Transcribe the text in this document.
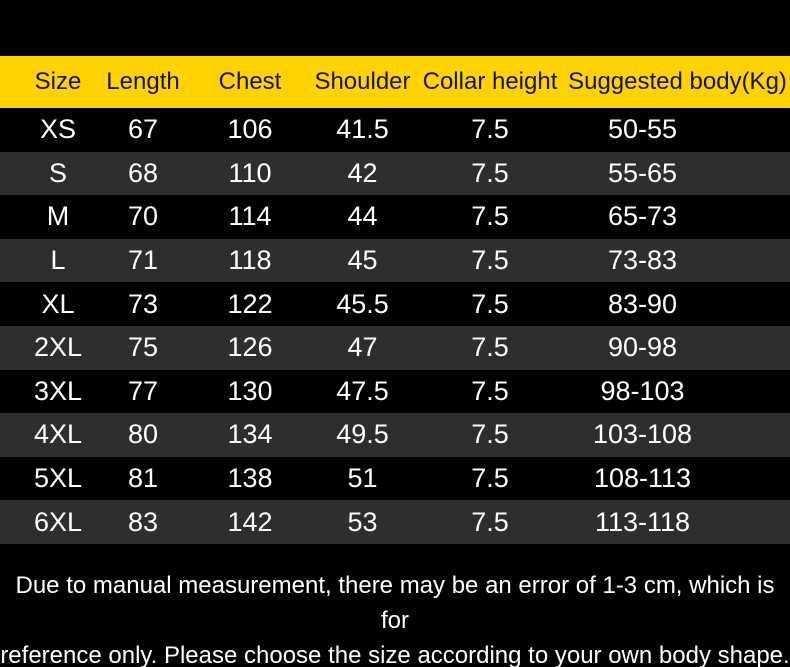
Size	Length	Chest	Shoulder	Collar height	Suggested body(Kg)
XS	67	106	41.5	7.5	50-55
S	68	110	42	7.5	55-65
M	70	114	44	7.5	65-73
L	71	118	45	7.5	73-83
XL	73	122	45.5	7.5	83-90
2XL	75	126	47	7.5	90-98
3XL	77	130	47.5	7.5	98-103
4XL	80	134	49.5	7.5	103-108
5XL	81	138	51	7.5	108-113
6XL	83	142	53	7.5	113-118
Due to manual measurement, there may be an error of 1-3 cm, which is for
reference only. Please choose the size according to your own body shape.
